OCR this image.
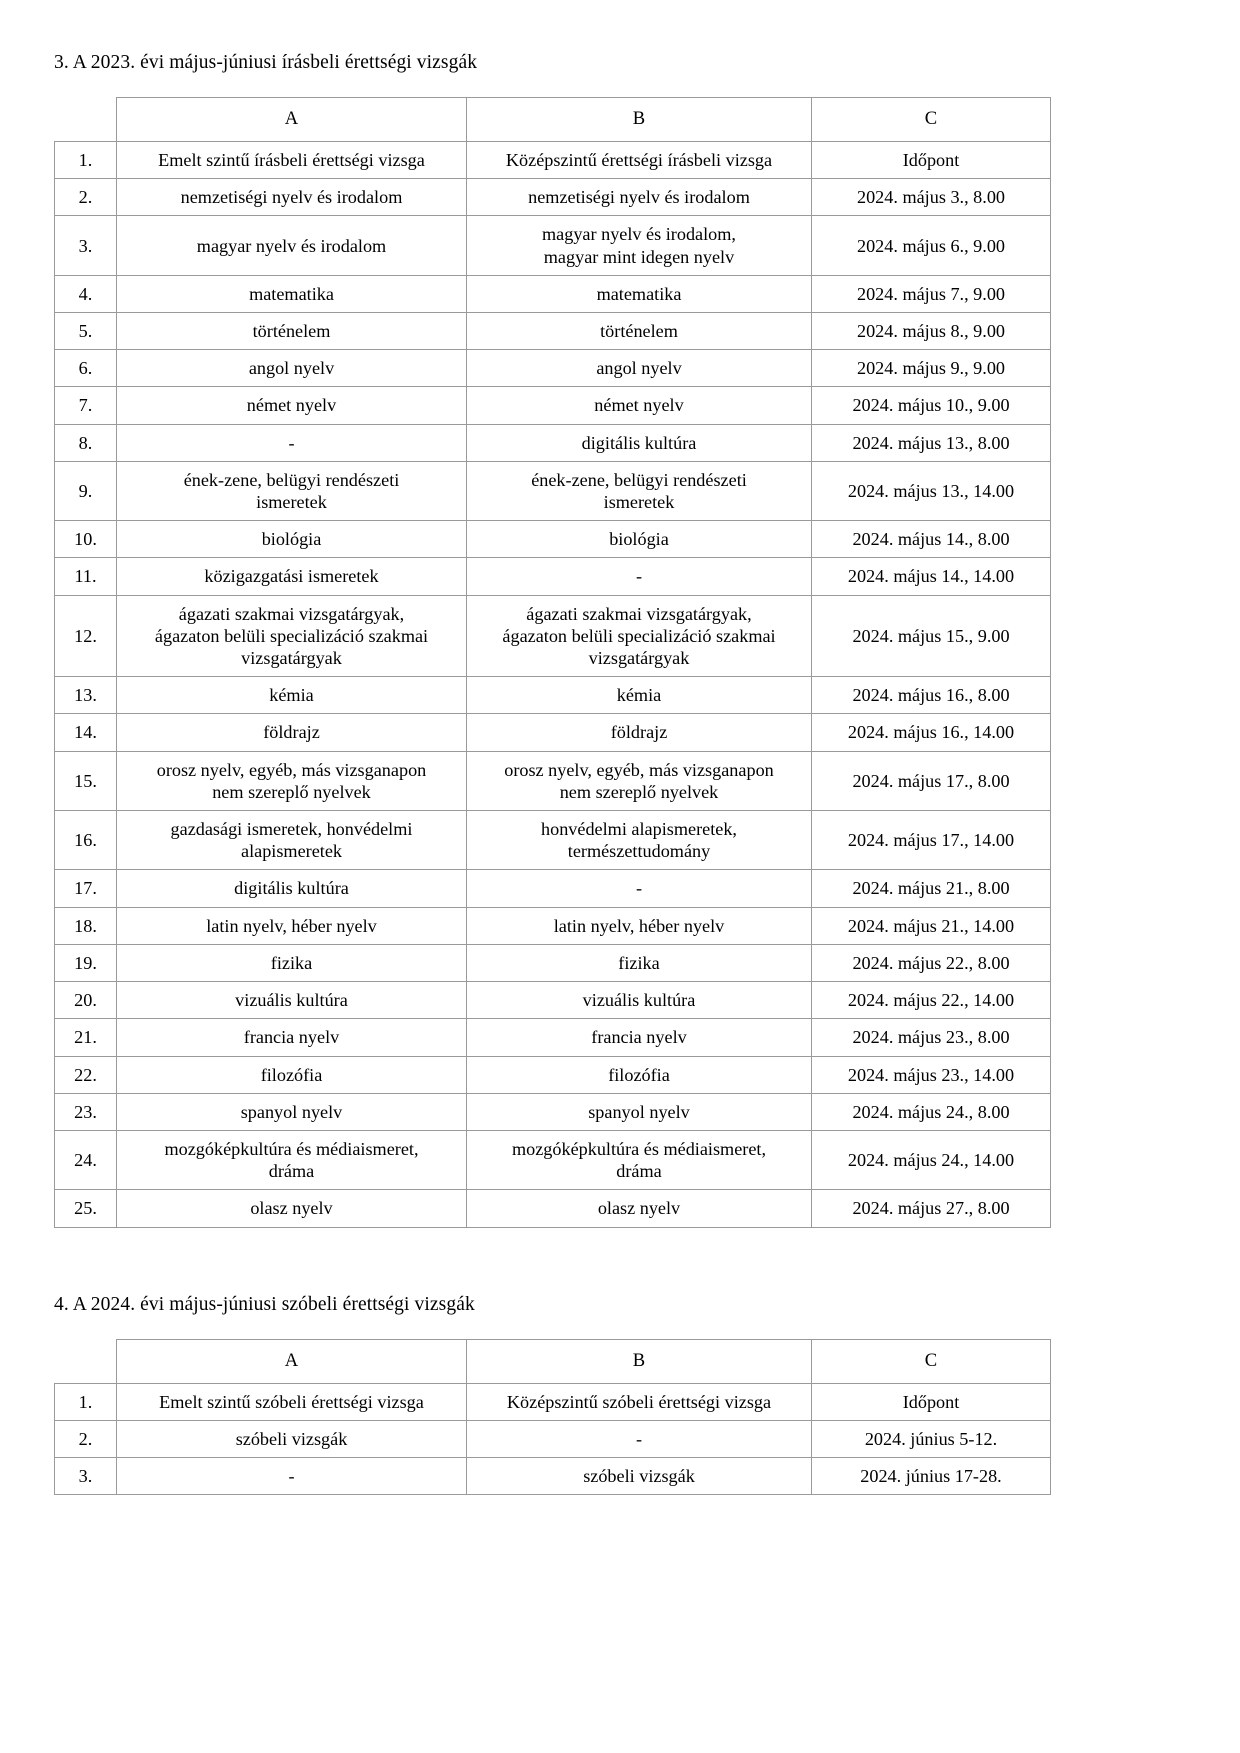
3. A 2023. évi május-júniusi írásbeli érettségi vizsgák

	A	B	C
1.	Emelt szintű írásbeli érettségi vizsga	Középszintű érettségi írásbeli vizsga	Időpont
2.	nemzetiségi nyelv és irodalom	nemzetiségi nyelv és irodalom	2024. május 3., 8.00
3.	magyar nyelv és irodalom	magyar nyelv és irodalom,
magyar mint idegen nyelv	2024. május 6., 9.00
4.	matematika	matematika	2024. május 7., 9.00
5.	történelem	történelem	2024. május 8., 9.00
6.	angol nyelv	angol nyelv	2024. május 9., 9.00
7.	német nyelv	német nyelv	2024. május 10., 9.00
8.	-	digitális kultúra	2024. május 13., 8.00
9.	ének-zene, belügyi rendészeti
ismeretek	ének-zene, belügyi rendészeti
ismeretek	2024. május 13., 14.00
10.	biológia	biológia	2024. május 14., 8.00
11.	közigazgatási ismeretek	-	2024. május 14., 14.00
12.	ágazati szakmai vizsgatárgyak,
ágazaton belüli specializáció szakmai
vizsgatárgyak	ágazati szakmai vizsgatárgyak,
ágazaton belüli specializáció szakmai
vizsgatárgyak	2024. május 15., 9.00
13.	kémia	kémia	2024. május 16., 8.00
14.	földrajz	földrajz	2024. május 16., 14.00
15.	orosz nyelv, egyéb, más vizsganapon
nem szereplő nyelvek	orosz nyelv, egyéb, más vizsganapon
nem szereplő nyelvek	2024. május 17., 8.00
16.	gazdasági ismeretek, honvédelmi
alapismeretek	honvédelmi alapismeretek,
természettudomány	2024. május 17., 14.00
17.	digitális kultúra	-	2024. május 21., 8.00
18.	latin nyelv, héber nyelv	latin nyelv, héber nyelv	2024. május 21., 14.00
19.	fizika	fizika	2024. május 22., 8.00
20.	vizuális kultúra	vizuális kultúra	2024. május 22., 14.00
21.	francia nyelv	francia nyelv	2024. május 23., 8.00
22.	filozófia	filozófia	2024. május 23., 14.00
23.	spanyol nyelv	spanyol nyelv	2024. május 24., 8.00
24.	mozgóképkultúra és médiaismeret,
dráma	mozgóképkultúra és médiaismeret,
dráma	2024. május 24., 14.00
25.	olasz nyelv	olasz nyelv	2024. május 27., 8.00

4. A 2024. évi május-júniusi szóbeli érettségi vizsgák

	A	B	C
1.	Emelt szintű szóbeli érettségi vizsga	Középszintű szóbeli érettségi vizsga	Időpont
2.	szóbeli vizsgák	-	2024. június 5-12.
3.	-	szóbeli vizsgák	2024. június 17-28.
